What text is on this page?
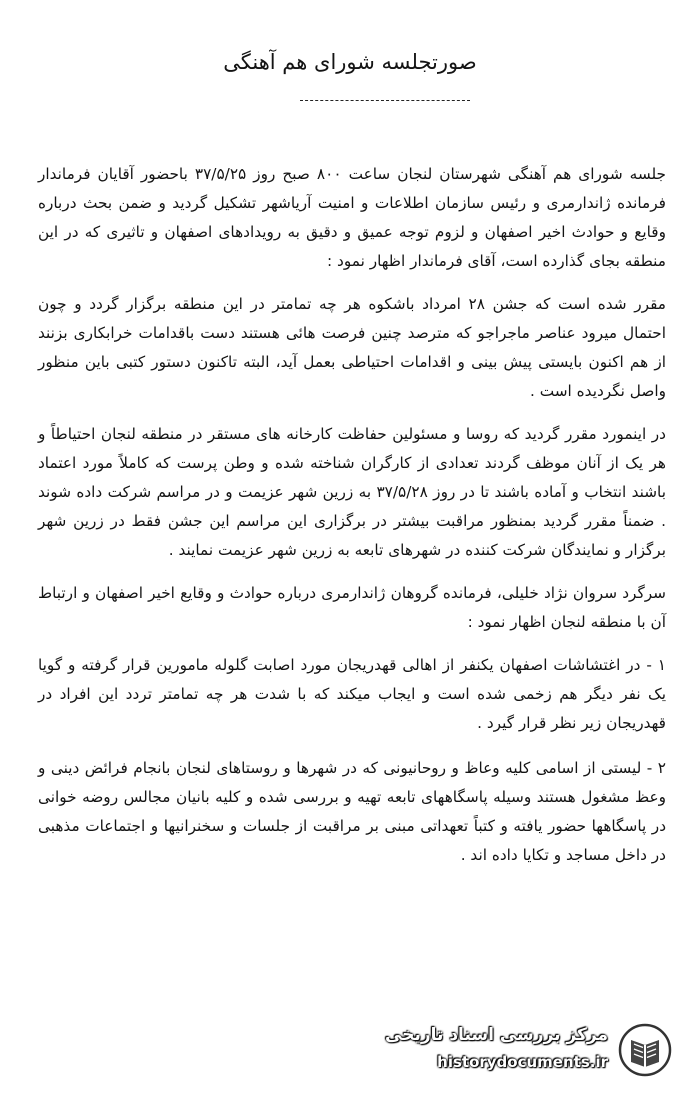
صورتجلسه شورای هم آهنگی

جلسه شورای هم آهنگی شهرستان لنجان ساعت ۸۰۰ صبح روز ۳۷/۵/۲۵ باحضور آقایان فرماندار فرمانده ژاندارمری و رئیس سازمان اطلاعات و امنیت آریاشهر تشکیل گردید و ضمن بحث درباره وقایع و حوادث اخیر اصفهان و لزوم توجه عمیق و دقیق به رویدادهای اصفهان و تاثیری که در این منطقه بجای گذارده است، آقای فرماندار اظهار نمود :

مقرر شده است که جشن ۲۸ امرداد باشکوه هر چه تمامتر در این منطقه برگزار گردد و چون احتمال میرود عناصر ماجراجو که مترصد چنین فرصت هائی هستند دست باقدامات خرابکاری بزنند از هم اکنون بایستی پیش بینی و اقدامات احتیاطی بعمل آید، البته تاکنون دستور کتبی باین منظور واصل نگردیده است .

در اینمورد مقرر گردید که روسا و مسئولین حفاظت کارخانه های مستقر در منطقه لنجان احتیاطاً و هر یک از آنان موظف گردند تعدادی از کارگران شناخته شده و وطن پرست که کاملاً مورد اعتماد باشند انتخاب و آماده باشند تا در روز ۳۷/۵/۲۸ به زرین شهر عزیمت و در مراسم شرکت داده شوند . ضمناً مقرر گردید بمنظور مراقبت بیشتر در برگزاری این مراسم این جشن فقط در زرین شهر برگزار و نمایندگان شرکت کننده در شهرهای تابعه به زرین شهر عزیمت نمایند .

سرگرد سروان نژاد خلیلی، فرمانده گروهان ژاندارمری درباره حوادث و وقایع اخیر اصفهان و ارتباط آن با منطقه لنجان اظهار نمود :

۱ - در اغتشاشات اصفهان یکنفر از اهالی قهدریجان مورد اصابت گلوله مامورین قرار گرفته و گویا یک نفر دیگر هم زخمی شده است و ایجاب میکند که با شدت هر چه تمامتر تردد این افراد در قهدریجان زیر نظر قرار گیرد .

۲ - لیستی از اسامی کلیه وعاظ و روحانیونی که در شهرها و روستاهای لنجان بانجام فرائض دینی و وعظ مشغول هستند وسیله پاسگاههای تابعه تهیه و بررسی شده و کلیه بانیان مجالس روضه خوانی در پاسگاهها حضور یافته و کتباً تعهداتی مبنی بر مراقبت از جلسات و سخنرانیها و اجتماعات مذهبی در داخل مساجد و تکایا داده اند .

مرکز بررسی اسناد تاریخی
historydocuments.ir
